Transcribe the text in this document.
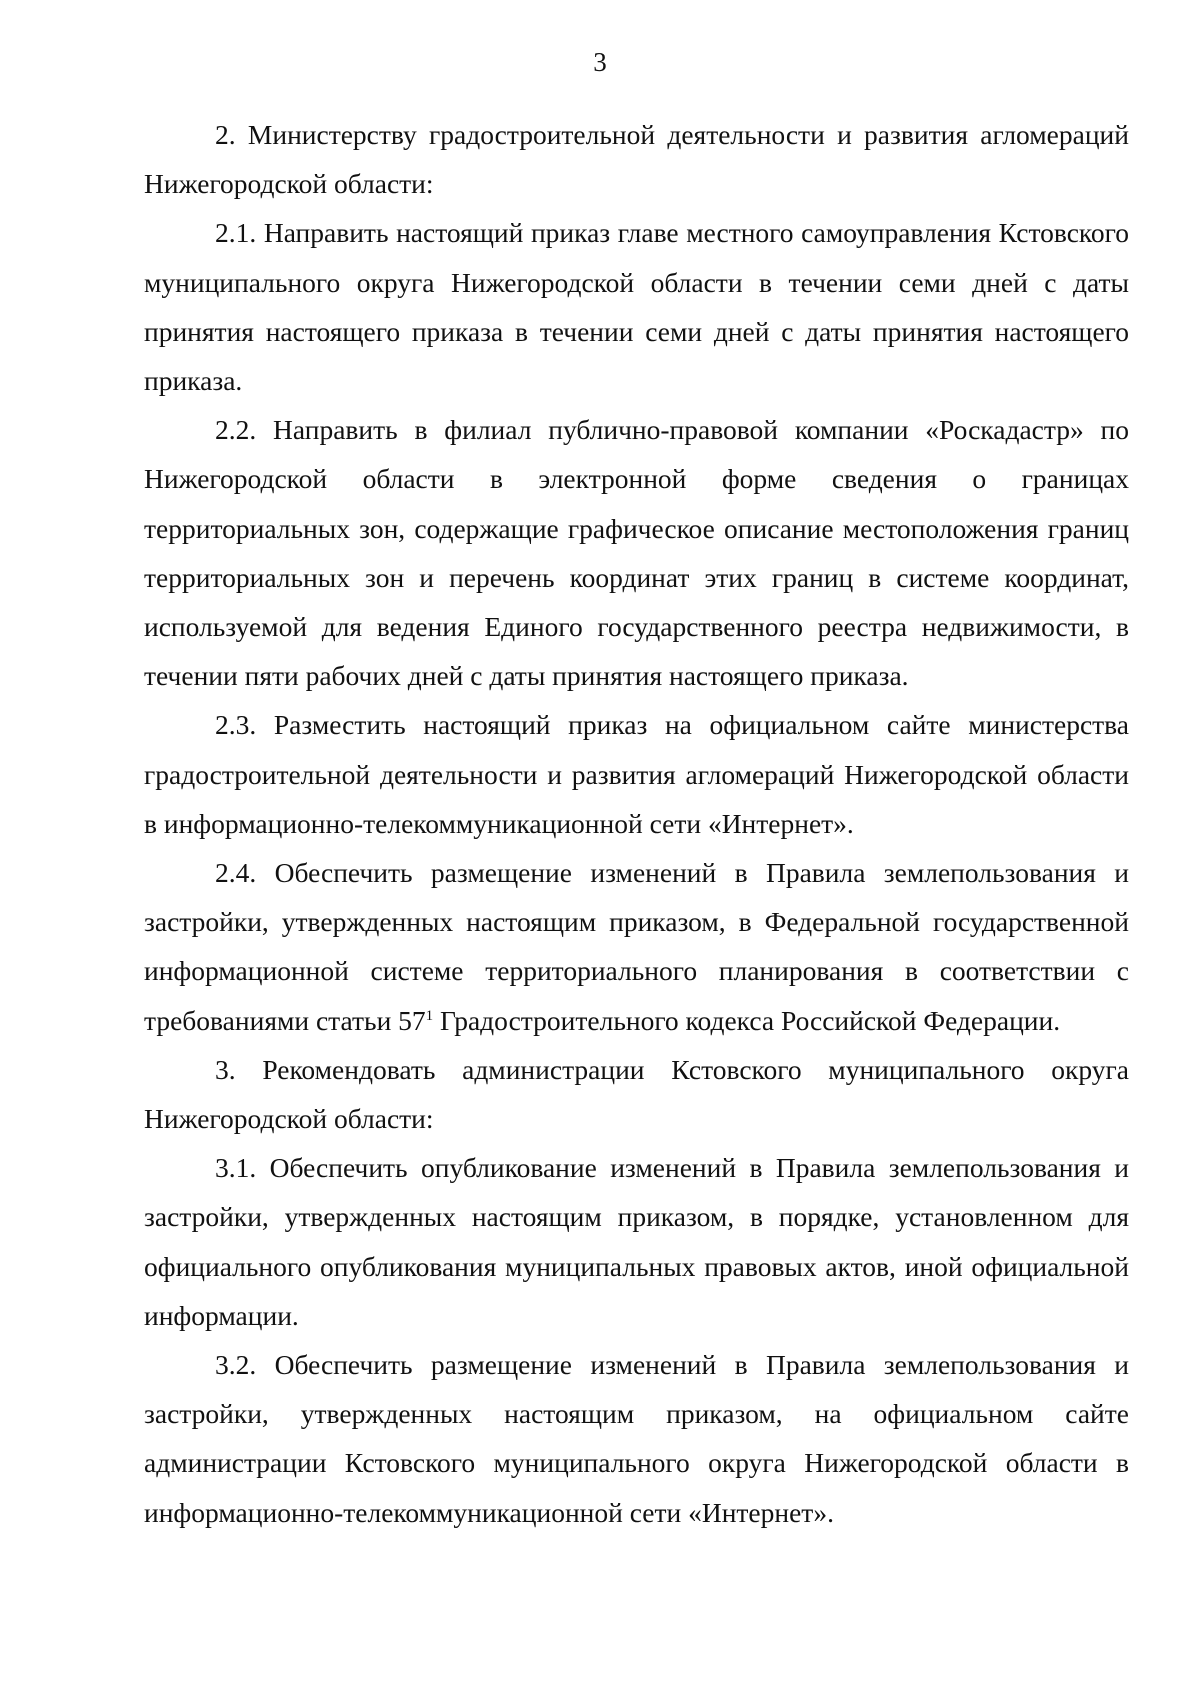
3

2. Министерству градостроительной деятельности и развития агломераций Нижегородской области:

2.1. Направить настоящий приказ главе местного самоуправления Кстовского муниципального округа Нижегородской области в течении семи дней с даты принятия настоящего приказа в течении семи дней с даты принятия настоящего приказа.

2.2. Направить в филиал публично-правовой компании «Роскадастр» по Нижегородской области в электронной форме сведения о границах территориальных зон, содержащие графическое описание местоположения границ территориальных зон и перечень координат этих границ в системе координат, используемой для ведения Единого государственного реестра недвижимости, в течении пяти рабочих дней с даты принятия настоящего приказа.

2.3. Разместить настоящий приказ на официальном сайте министерства градостроительной деятельности и развития агломераций Нижегородской области в информационно-телекоммуникационной сети «Интернет».

2.4. Обеспечить размещение изменений в Правила землепользования и застройки, утвержденных настоящим приказом, в Федеральной государственной информационной системе территориального планирования в соответствии с требованиями статьи $57^1$ Градостроительного кодекса Российской Федерации.

3. Рекомендовать администрации Кстовского муниципального округа Нижегородской области:

3.1. Обеспечить опубликование изменений в Правила землепользования и застройки, утвержденных настоящим приказом, в порядке, установленном для официального опубликования муниципальных правовых актов, иной официальной информации.

3.2. Обеспечить размещение изменений в Правила землепользования и застройки, утвержденных настоящим приказом, на официальном сайте администрации Кстовского муниципального округа Нижегородской области в информационно-телекоммуникационной сети «Интернет».
